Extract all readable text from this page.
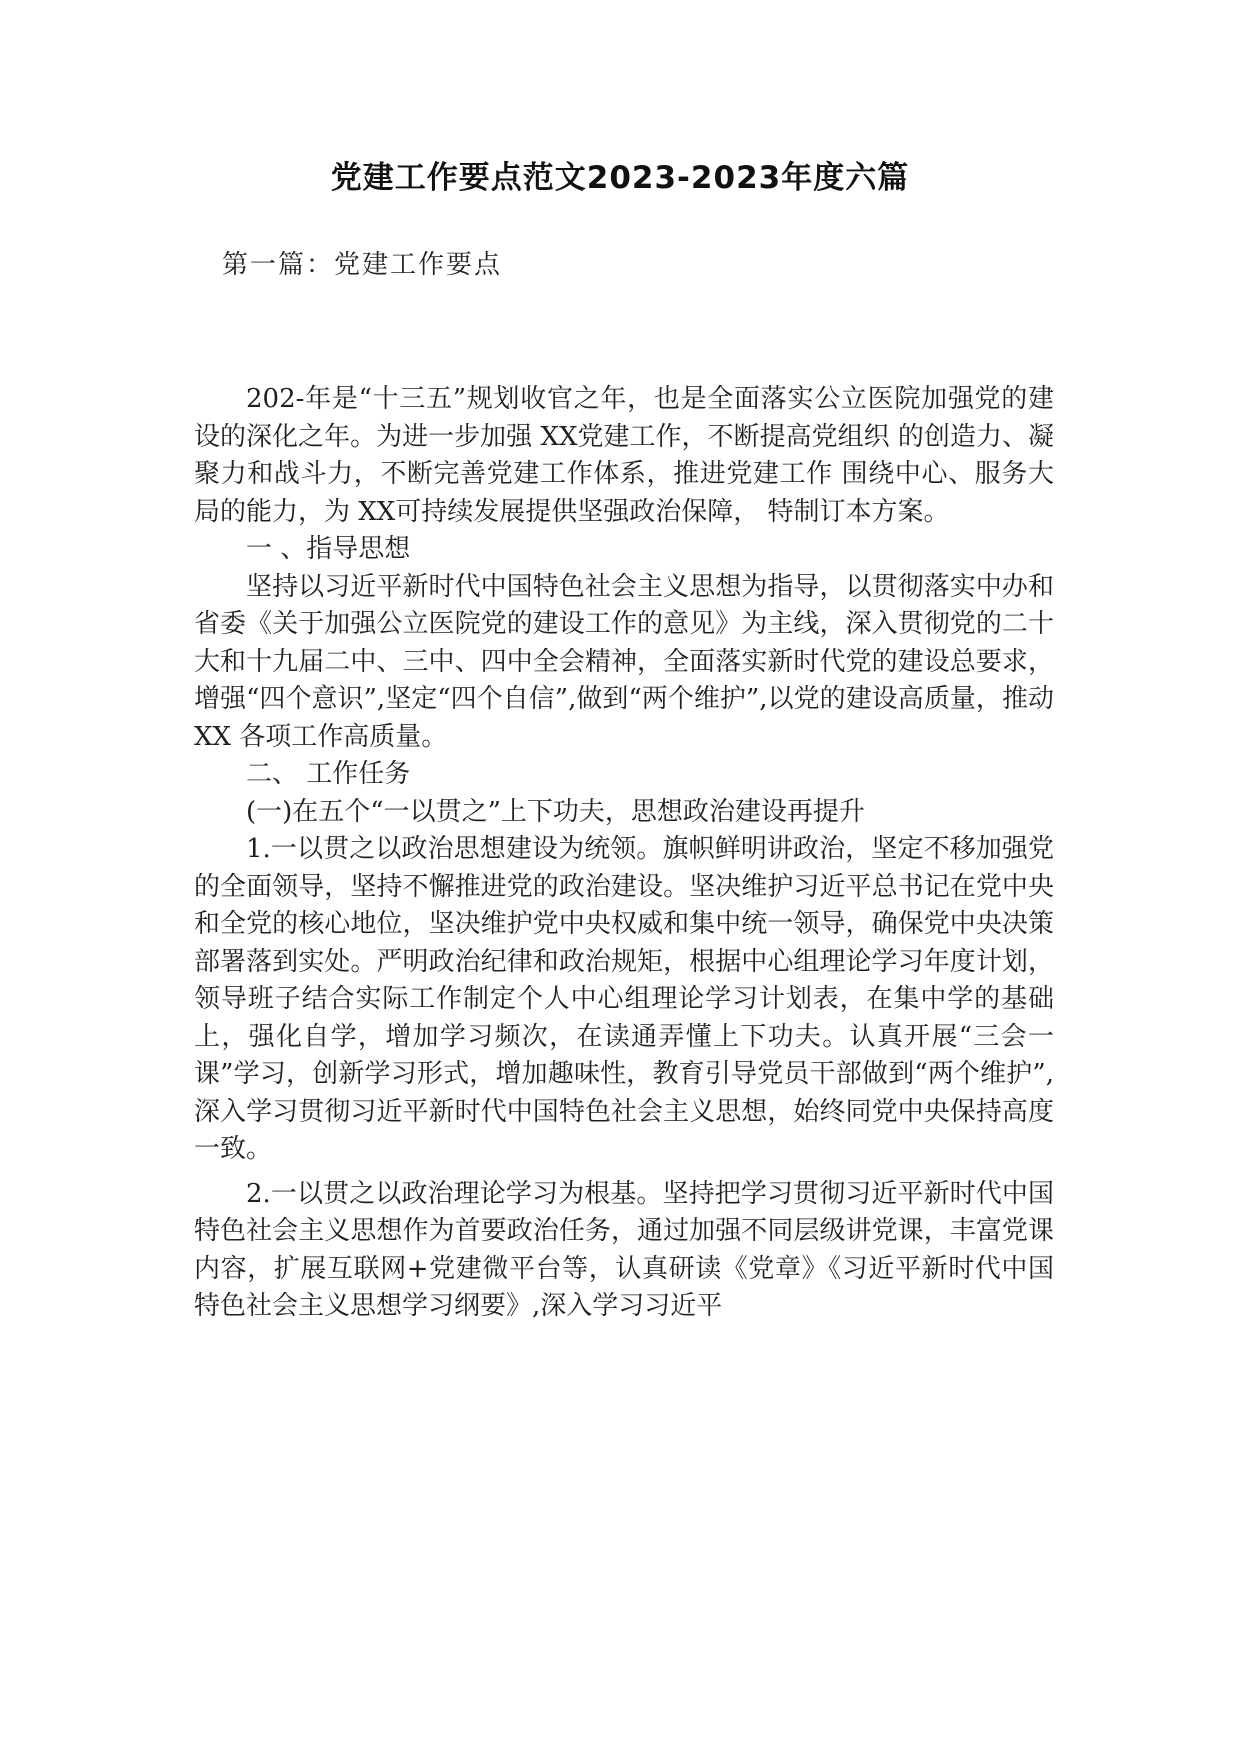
党建工作要点范文2023-2023年度六篇
第一篇：党建工作要点

202-年是“十三五”规划收官之年，也是全面落实公立医院加强党的建设的深化之年。为进一步加强 XX党建工作，不断提高党组织 的创造力、凝聚力和战斗力，不断完善党建工作体系，推进党建工作 围绕中心、服务大局的能力，为 XX可持续发展提供坚强政治保障， 特制订本方案。

一 、指导思想

坚持以习近平新时代中国特色社会主义思想为指导，以贯彻落实中办和省委《关于加强公立医院党的建设工作的意见》为主线，深入贯彻党的二十大和十九届二中、三中、四中全会精神，全面落实新时代党的建设总要求，增强“四个意识”,坚定“四个自信”,做到“两个维护”,以党的建设高质量，推动XX 各项工作高质量。

二、 工作任务

(一)在五个“一以贯之”上下功夫，思想政治建设再提升

1.一以贯之以政治思想建设为统领。旗帜鲜明讲政治，坚定不移加强党的全面领导，坚持不懈推进党的政治建设。坚决维护习近平总书记在党中央和全党的核心地位，坚决维护党中央权威和集中统一领导，确保党中央决策部署落到实处。严明政治纪律和政治规矩，根据中心组理论学习年度计划，领导班子结合实际工作制定个人中心组理论学习计划表，在集中学的基础上，强化自学，增加学习频次，在读通弄懂上下功夫。认真开展“三会一课”学习，创新学习形式，增加趣味性，教育引导党员干部做到“两个维护”,深入学习贯彻习近平新时代中国特色社会主义思想，始终同党中央保持高度一致。

2.一以贯之以政治理论学习为根基。坚持把学习贯彻习近平新时代中国特色社会主义思想作为首要政治任务，通过加强不同层级讲党课，丰富党课内容，扩展互联网+党建微平台等，认真研读《党章》《习近平新时代中国特色社会主义思想学习纲要》,深入学习习近平
